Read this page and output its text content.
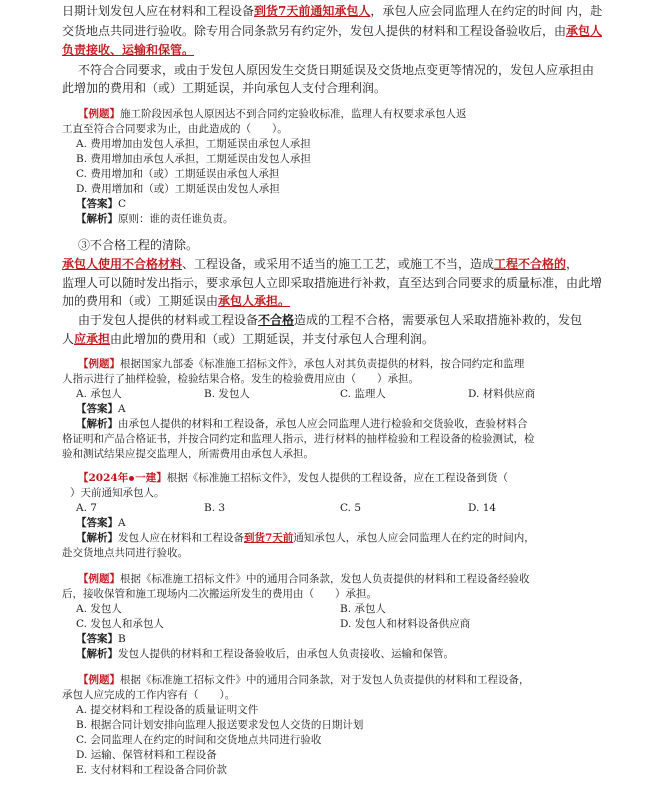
日期计划发包人应在材料和工程设备到货7天前通知承包人，承包人应会同监理人在约定的时间 内，赴
交货地点共同进行验收。除专用合同条款另有约定外，发包人提供的材料和工程设备验收后，由承包人
负责接收、运输和保管。
不符合合同要求，或由于发包人原因发生交货日期延误及交货地点变更等情况的，发包人应承担由
此增加的费用和（或）工期延误，并向承包人支付合理利润。
【例题】施工阶段因承包人原因达不到合同约定验收标准，监理人有权要求承包人返
工直至符合合同要求为止，由此造成的（　　）。
A. 费用增加由发包人承担，工期延误由承包人承担
B. 费用增加由承包人承担，工期延误由发包人承担
C. 费用增加和（或）工期延误由承包人承担
D. 费用增加和（或）工期延误由发包人承担
【答案】C
【解析】原则：谁的责任谁负责。
③不合格工程的清除。
承包人使用不合格材料、工程设备，或采用不适当的施工工艺，或施工不当，造成工程不合格的，
监理人可以随时发出指示，要求承包人立即采取措施进行补救，直至达到合同要求的质量标准，由此增
加的费用和（或）工期延误由承包人承担。
由于发包人提供的材料或工程设备不合格造成的工程不合格，需要承包人采取措施补救的，发包
人应承担由此增加的费用和（或）工期延误，并支付承包人合理利润。
【例题】根据国家九部委《标准施工招标文件》，承包人对其负责提供的材料，按合同约定和监理
人指示进行了抽样检验，检验结果合格。发生的检验费用应由（　　）承担。
A. 承包人	B. 发包人	C. 监理人	D. 材料供应商
【答案】A
【解析】由承包人提供的材料和工程设备，承包人应会同监理人进行检验和交货验收，查验材料合
格证明和产品合格证书，并按合同约定和监理人指示，进行材料的抽样检验和工程设备的检验测试，检
验和测试结果应提交监理人，所需费用由承包人承担。
【2024年 一建】根据《标准施工招标文件》，发包人提供的工程设备，应在工程设备到货（
）天前通知承包人。
A. 7	B. 3	C. 5	D. 14
【答案】A
【解析】发包人应在材料和工程设备到货7天前通知承包人，承包人应会同监理人在约定的时间内，
赴交货地点共同进行验收。
【例题】根据《标准施工招标文件》中的通用合同条款，发包人负责提供的材料和工程设备经验收
后，接收保管和施工现场内二次搬运所发生的费用由（　　）承担。
A. 发包人	B. 承包人
C. 发包人和承包人	D. 发包人和材料设备供应商
【答案】B
【解析】发包人提供的材料和工程设备验收后，由承包人负责接收、运输和保管。
【例题】根据《标准施工招标文件》中的通用合同条款，对于发包人负责提供的材料和工程设备，
承包人应完成的工作内容有（　　）。
A. 提交材料和工程设备的质量证明文件
B. 根据合同计划安排向监理人报送要求发包人交货的日期计划
C. 会同监理人在约定的时间和交货地点共同进行验收
D. 运输、保管材料和工程设备
E. 支付材料和工程设备合同价款
